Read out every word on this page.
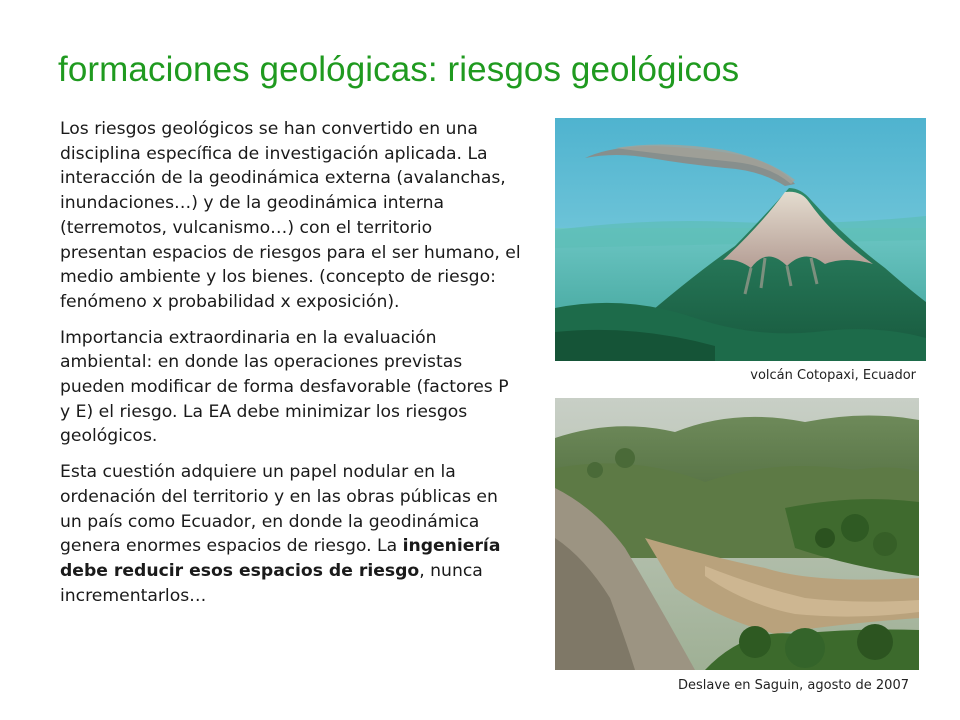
formaciones geológicas: riesgos geológicos

Los riesgos geológicos se han convertido en una disciplina específica de investigación aplicada. La interacción de la geodinámica externa (avalanchas, inundaciones…) y de la geodinámica interna (terremotos, vulcanismo…) con el territorio presentan espacios de riesgos para el ser humano, el medio ambiente y los bienes. (concepto de riesgo: fenómeno x probabilidad x exposición).

Importancia extraordinaria en la evaluación ambiental: en donde las operaciones previstas pueden modificar de forma desfavorable (factores P y E) el riesgo. La EA debe minimizar los riesgos geológicos.

Esta cuestión adquiere un papel nodular en la ordenación del territorio y en las obras públicas en un país como Ecuador, en donde la geodinámica genera enormes espacios de riesgo. La ingeniería debe reducir esos espacios de riesgo, nunca incrementarlos…

volcán Cotopaxi, Ecuador
Deslave en Saguin, agosto de 2007
